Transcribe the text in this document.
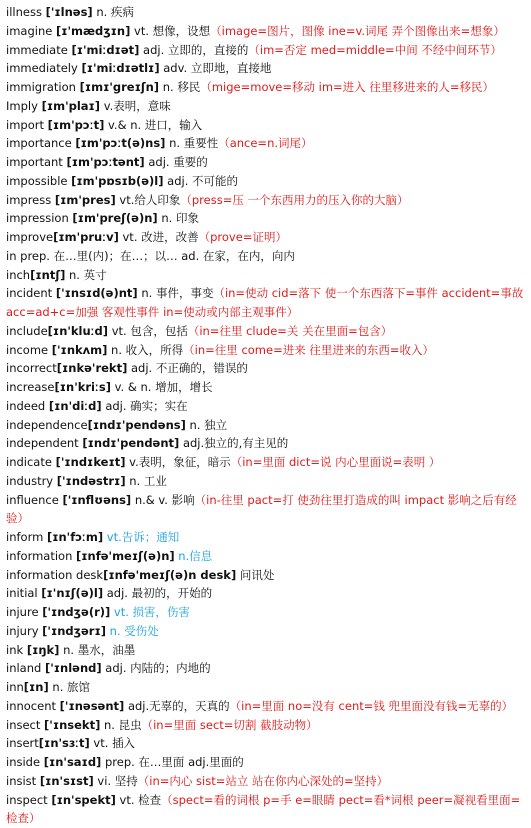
illness ['ɪlnəs] n. 疾病
imagine [ɪ'mædʒɪn] vt. 想像，设想（image=图片，图像 ine=v.词尾 弄个图像出来=想象）
immediate [ɪ'miːdɪət] adj. 立即的，直接的（im=否定 med=middle=中间 不经中间环节）
immediately [ɪ'miːdɪətlɪ] adv. 立即地，直接地
immigration [ɪmɪ'greɪʃn] n. 移民（mige=move=移动 im=进入 往里移进来的人=移民）
Imply [ɪm'plaɪ] v.表明，意味
import [ɪm'pɔːt] v.& n. 进口，输入
importance [ɪm'pɔːt(ə)ns] n. 重要性（ance=n.词尾）
important [ɪm'pɔːtənt] adj. 重要的
impossible [ɪm'pɒsɪb(ə)l] adj. 不可能的
impress [ɪm'pres] vt.给人印象（press=压 一个东西用力的压入你的大脑）
impression [ɪm'preʃ(ə)n] n. 印象
improve[ɪm'pruːv] vt. 改进，改善（prove=证明）
in prep. 在…里(内)；在…；以… ad. 在家，在内，向内
inch[ɪntʃ] n. 英寸
incident ['ɪnsɪd(ə)nt] n. 事件，事变（in=使动 cid=落下 使一个东西落下=事件 accident=事故 acc=ad+c=加强 客观性事件 in=使动或内部主观事件）
include[ɪn'kluːd] vt. 包含，包括（in=往里 clude=关 关在里面=包含）
income ['ɪnkʌm] n. 收入，所得（in=往里 come=进来 往里进来的东西=收入）
incorrect[ɪnkə'rekt] adj. 不正确的，错误的
increase[ɪn'kriːs] v. & n. 增加，增长
indeed [ɪn'diːd] adj. 确实；实在
independence[ɪndɪ'pendəns] n. 独立
independent [ɪndɪ'pendənt] adj.独立的,有主见的
indicate ['ɪndɪkeɪt] v.表明，象征，暗示（in=里面 dict=说 内心里面说=表明 ）
industry ['ɪndəstrɪ] n. 工业
influence ['ɪnflʊəns] n.& v. 影响（in-往里 pact=打 使劲往里打造成的叫 impact 影响之后有经验）
inform [ɪn'fɔːm] vt.告诉；通知
information [ɪnfə'meɪʃ(ə)n] n.信息
information desk[ɪnfə'meɪʃ(ə)n desk] 问讯处
initial [ɪ'nɪʃ(ə)l] adj. 最初的，开始的
injure ['ɪndʒə(r)] vt. 损害，伤害
injury ['ɪndʒərɪ] n. 受伤处
ink [ɪŋk] n. 墨水，油墨
inland ['ɪnlənd] adj. 内陆的；内地的
inn[ɪn] n. 旅馆
innocent ['ɪnəsənt] adj.无辜的，天真的（in=里面 no=没有 cent=钱 兜里面没有钱=无辜的）
insect ['ɪnsekt] n. 昆虫（in=里面 sect=切割 截肢动物）
insert[ɪn'sɜːt] vt. 插入
inside [ɪn'saɪd] prep. 在…里面 adj.里面的
insist [ɪn'sɪst] vi. 坚持（in=内心 sist=站立 站在你内心深处的=坚持）
inspect [ɪn'spekt] vt. 检查（spect=看的词根 p=手 e=眼睛 pect=看*词根 peer=凝视看里面=检查）
